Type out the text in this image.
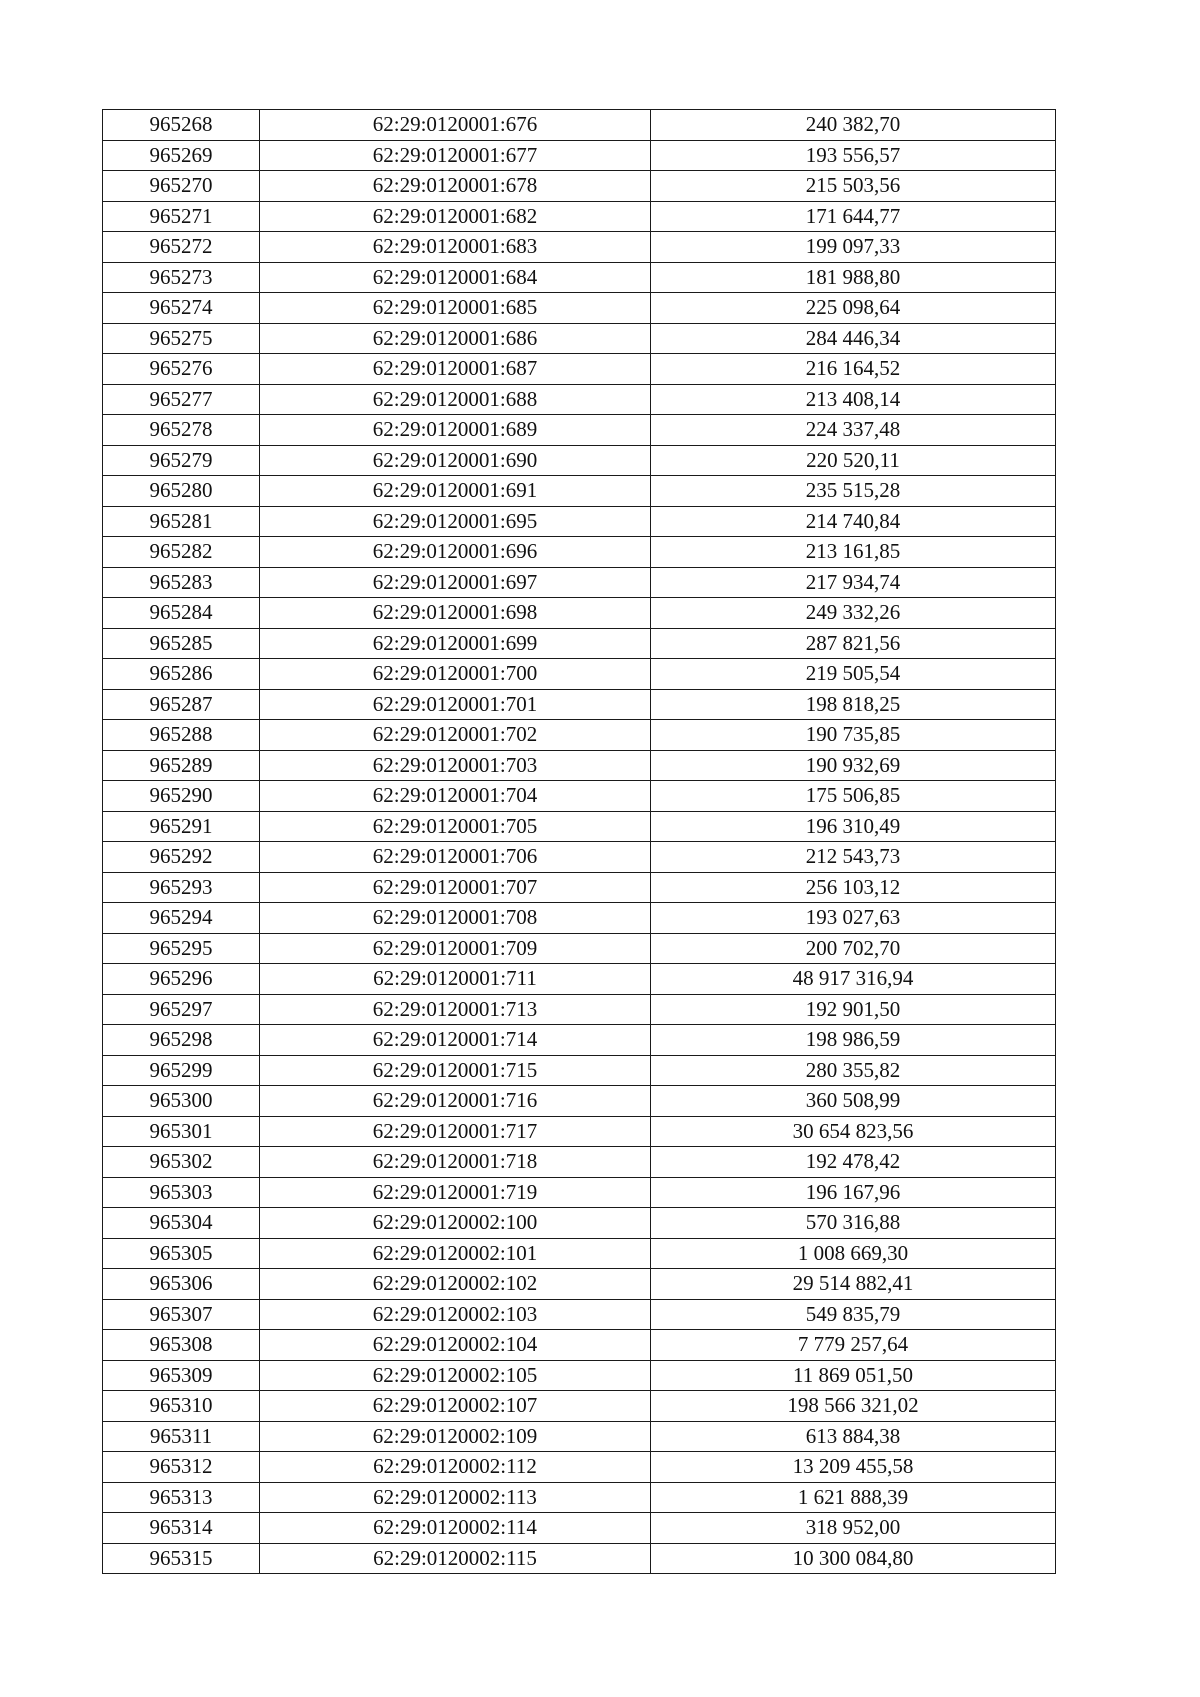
965268	62:29:0120001:676	240 382,70
965269	62:29:0120001:677	193 556,57
965270	62:29:0120001:678	215 503,56
965271	62:29:0120001:682	171 644,77
965272	62:29:0120001:683	199 097,33
965273	62:29:0120001:684	181 988,80
965274	62:29:0120001:685	225 098,64
965275	62:29:0120001:686	284 446,34
965276	62:29:0120001:687	216 164,52
965277	62:29:0120001:688	213 408,14
965278	62:29:0120001:689	224 337,48
965279	62:29:0120001:690	220 520,11
965280	62:29:0120001:691	235 515,28
965281	62:29:0120001:695	214 740,84
965282	62:29:0120001:696	213 161,85
965283	62:29:0120001:697	217 934,74
965284	62:29:0120001:698	249 332,26
965285	62:29:0120001:699	287 821,56
965286	62:29:0120001:700	219 505,54
965287	62:29:0120001:701	198 818,25
965288	62:29:0120001:702	190 735,85
965289	62:29:0120001:703	190 932,69
965290	62:29:0120001:704	175 506,85
965291	62:29:0120001:705	196 310,49
965292	62:29:0120001:706	212 543,73
965293	62:29:0120001:707	256 103,12
965294	62:29:0120001:708	193 027,63
965295	62:29:0120001:709	200 702,70
965296	62:29:0120001:711	48 917 316,94
965297	62:29:0120001:713	192 901,50
965298	62:29:0120001:714	198 986,59
965299	62:29:0120001:715	280 355,82
965300	62:29:0120001:716	360 508,99
965301	62:29:0120001:717	30 654 823,56
965302	62:29:0120001:718	192 478,42
965303	62:29:0120001:719	196 167,96
965304	62:29:0120002:100	570 316,88
965305	62:29:0120002:101	1 008 669,30
965306	62:29:0120002:102	29 514 882,41
965307	62:29:0120002:103	549 835,79
965308	62:29:0120002:104	7 779 257,64
965309	62:29:0120002:105	11 869 051,50
965310	62:29:0120002:107	198 566 321,02
965311	62:29:0120002:109	613 884,38
965312	62:29:0120002:112	13 209 455,58
965313	62:29:0120002:113	1 621 888,39
965314	62:29:0120002:114	318 952,00
965315	62:29:0120002:115	10 300 084,80
